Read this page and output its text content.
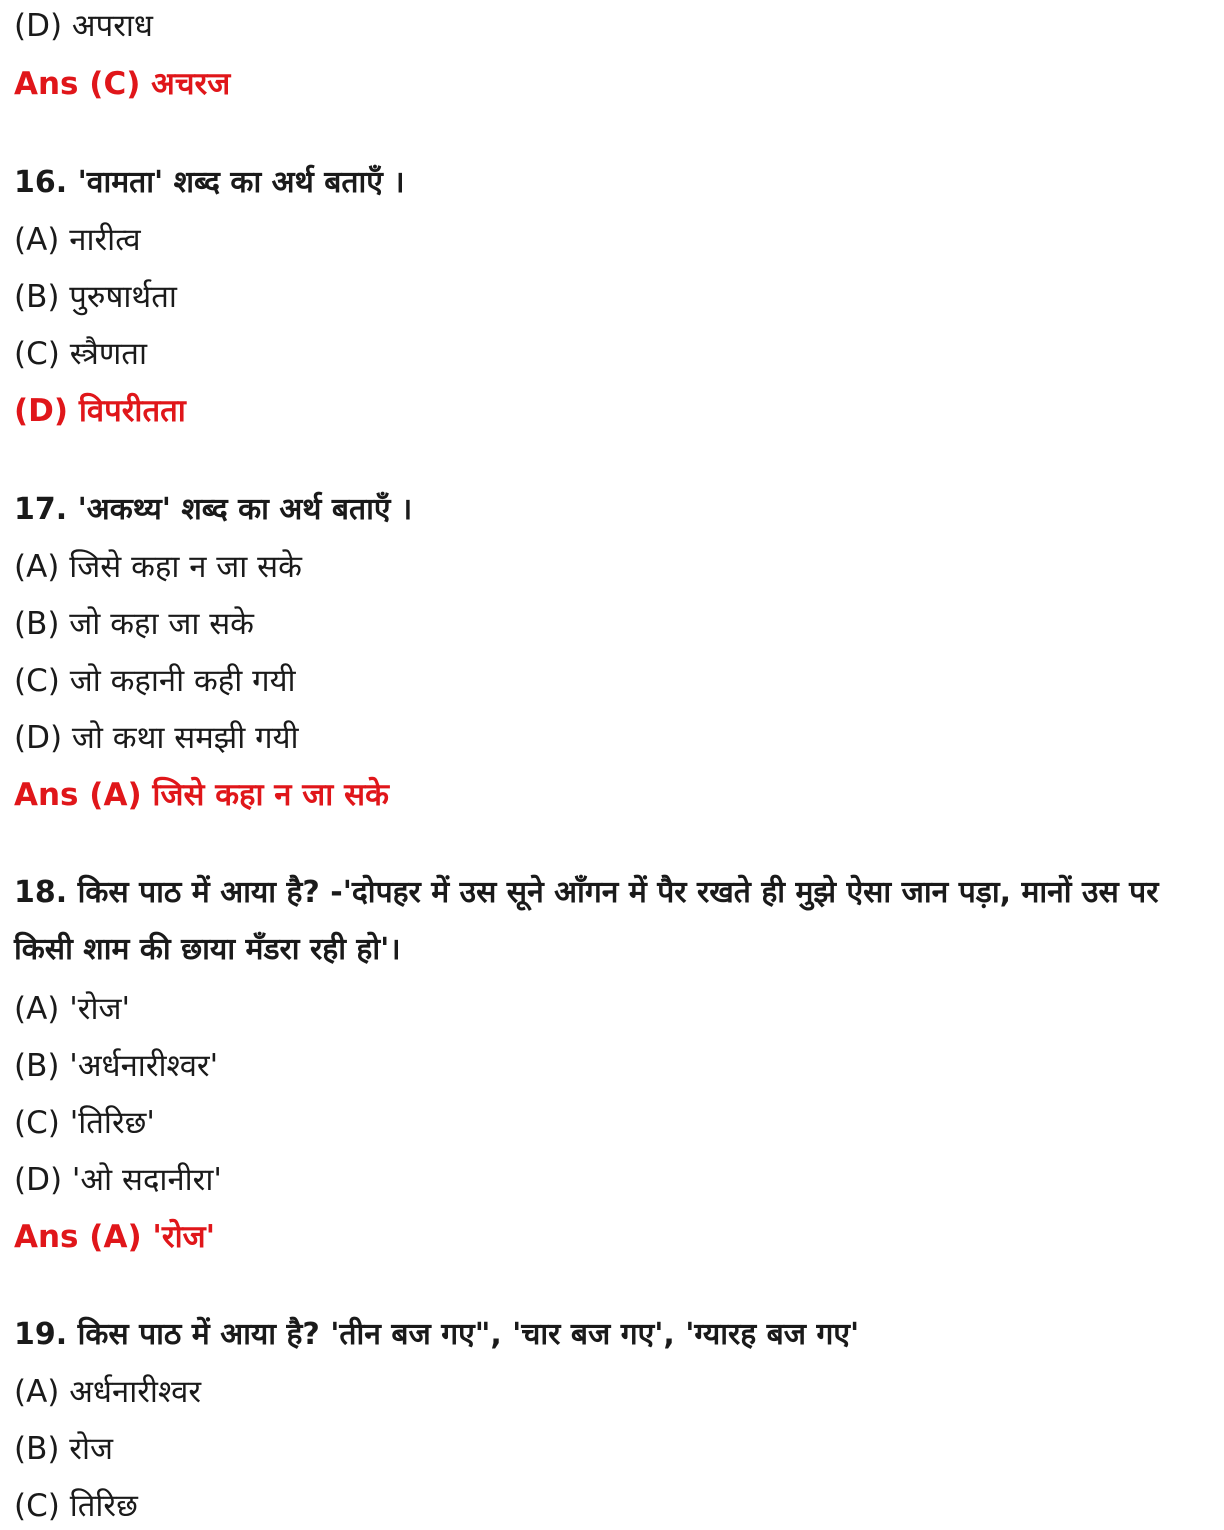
(D) अपराध
Ans (C) अचरज
16. 'वामता' शब्द का अर्थ बताएँ ।
(A) नारीत्व
(B) पुरुषार्थता
(C) स्त्रैणता
(D) विपरीतता
17. 'अकथ्य' शब्द का अर्थ बताएँ ।
(A) जिसे कहा न जा सके
(B) जो कहा जा सके
(C) जो कहानी कही गयी
(D) जो कथा समझी गयी
Ans (A) जिसे कहा न जा सके
18. किस पाठ में आया है? -'दोपहर में उस सूने आँगन में पैर रखते ही मुझे ऐसा जान पड़ा, मानों उस पर किसी शाम की छाया मँडरा रही हो'।
(A) 'रोज'
(B) 'अर्धनारीश्वर'
(C) 'तिरिछ'
(D) 'ओ सदानीरा'
Ans (A) 'रोज'
19. किस पाठ में आया है? 'तीन बज गए", 'चार बज गए', 'ग्यारह बज गए'
(A) अर्धनारीश्वर
(B) रोज
(C) तिरिछ
